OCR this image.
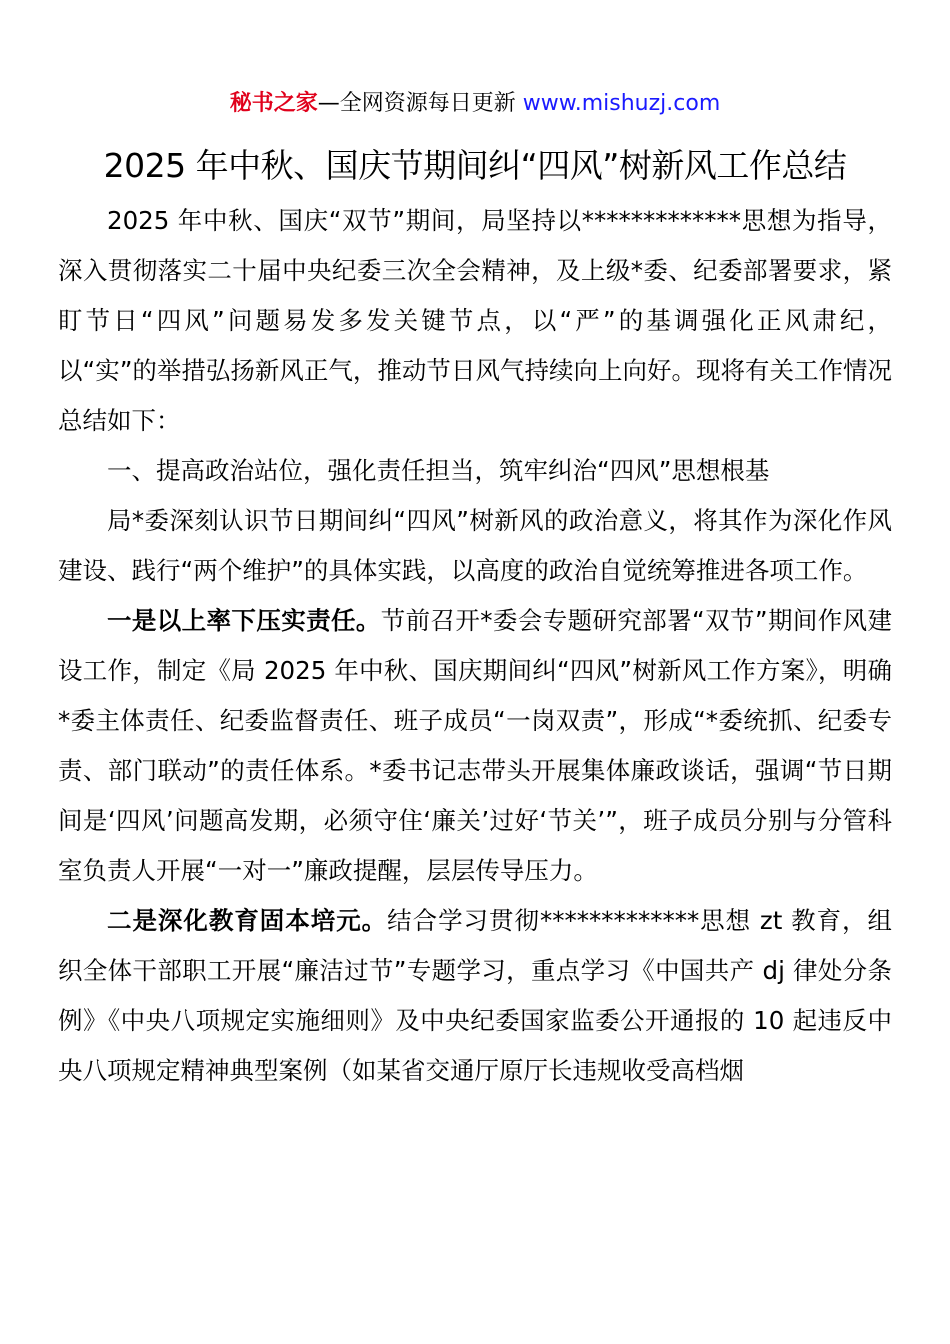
秘书之家—全网资源每日更新 www.mishuzj.com
2025 年中秋、国庆节期间纠“四风”树新风工作总结

2025 年中秋、国庆“双节”期间，局坚持以*************思想为指导，深入贯彻落实二十届中央纪委三次全会精神，及上级*委、纪委部署要求，紧盯节日“四风”问题易发多发关键节点，以“严”的基调强化正风肃纪，以“实”的举措弘扬新风正气，推动节日风气持续向上向好。现将有关工作情况总结如下：

一、提高政治站位，强化责任担当，筑牢纠治“四风”思想根基

局*委深刻认识节日期间纠“四风”树新风的政治意义，将其作为深化作风建设、践行“两个维护”的具体实践，以高度的政治自觉统筹推进各项工作。

一是以上率下压实责任。节前召开*委会专题研究部署“双节”期间作风建设工作，制定《局 2025 年中秋、国庆期间纠“四风”树新风工作方案》，明确*委主体责任、纪委监督责任、班子成员“一岗双责”，形成“*委统抓、纪委专责、部门联动”的责任体系。*委书记志带头开展集体廉政谈话，强调“节日期间是‘四风’问题高发期，必须守住‘廉关’过好‘节关’”，班子成员分别与分管科室负责人开展“一对一”廉政提醒，层层传导压力。

二是深化教育固本培元。结合学习贯彻*************思想 zt 教育，组织全体干部职工开展“廉洁过节”专题学习，重点学习《中国共产 dj 律处分条例》《中央八项规定实施细则》及中央纪委国家监委公开通报的 10 起违反中央八项规定精神典型案例（如某省交通厅原厅长违规收受高档烟
